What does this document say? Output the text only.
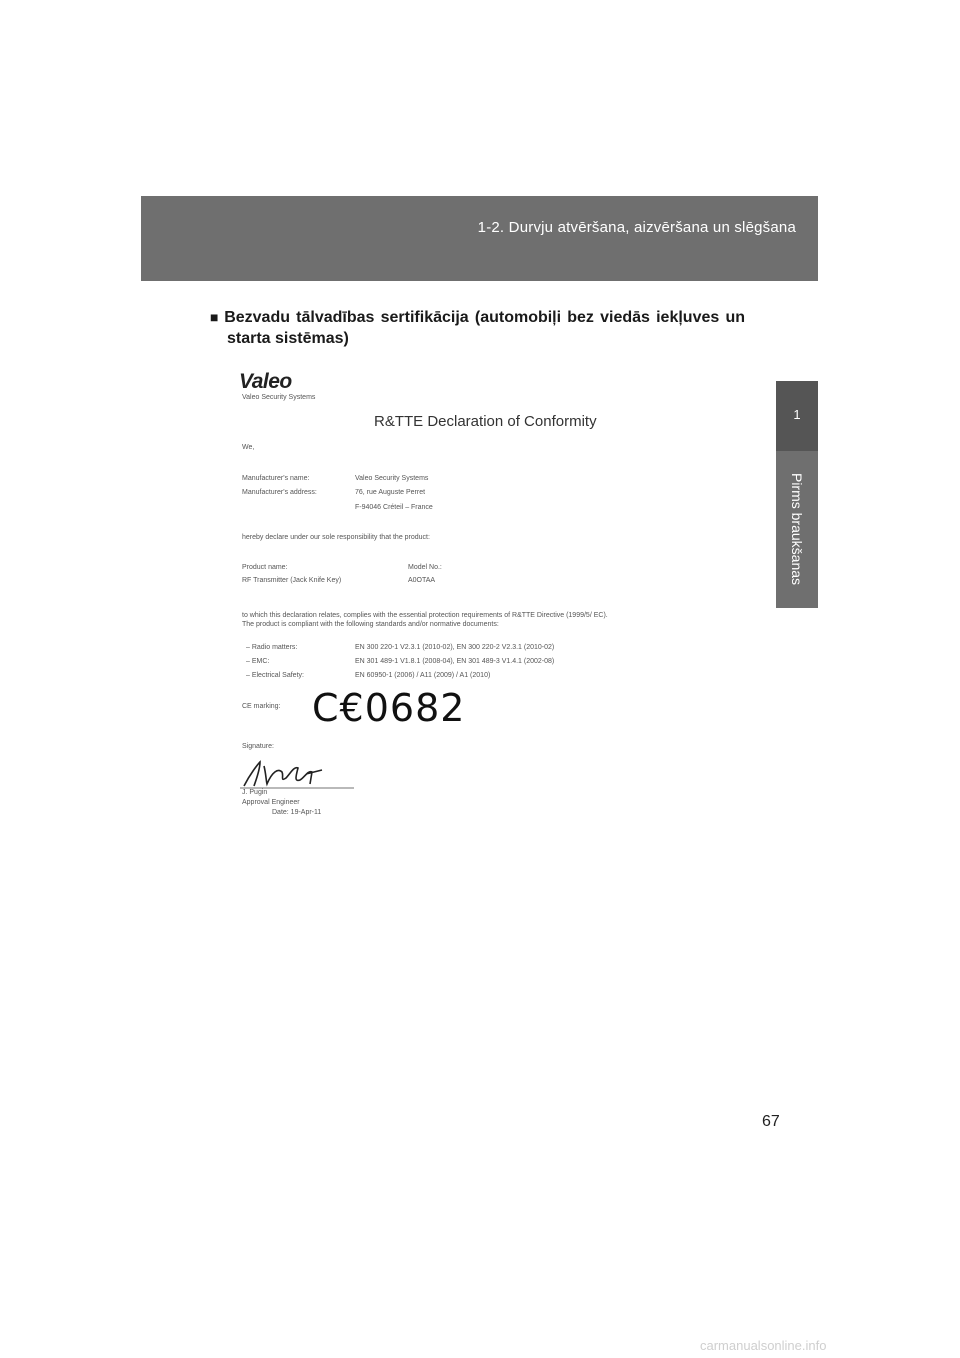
1-2. Durvju atvēršana, aizvēršana un slēgšana
1
Pirms braukšanas
■ Bezvadu tālvadības sertifikācija (automobiļi bez viedās iekļuves un
starta sistēmas)
Valeo
Valeo Security Systems
R&TTE Declaration of Conformity
We,
Manufacturer's name:	Valeo Security Systems
Manufacturer's address:	76, rue Auguste Perret
F-94046 Créteil – France
hereby declare under our sole responsibility that the product:
Product name:	Model No.:
RF Transmitter (Jack Knife Key)	A0OTAA
to which this declaration relates, complies with the essential protection requirements of R&TTE Directive (1999/5/ EC).
The product is compliant with the following standards and/or normative documents:
– Radio matters:	EN 300 220-1 V2.3.1 (2010-02), EN 300 220-2 V2.3.1 (2010-02)
– EMC:	EN 301 489-1 V1.8.1 (2008-04), EN 301 489-3 V1.4.1 (2002-08)
– Electrical Safety:	EN 60950-1 (2006) / A11 (2009) / A1 (2010)
CE marking: C€0682
Signature:
J. Pugin
Approval Engineer
Date: 19-Apr-11
67
carmanualsonline.info
